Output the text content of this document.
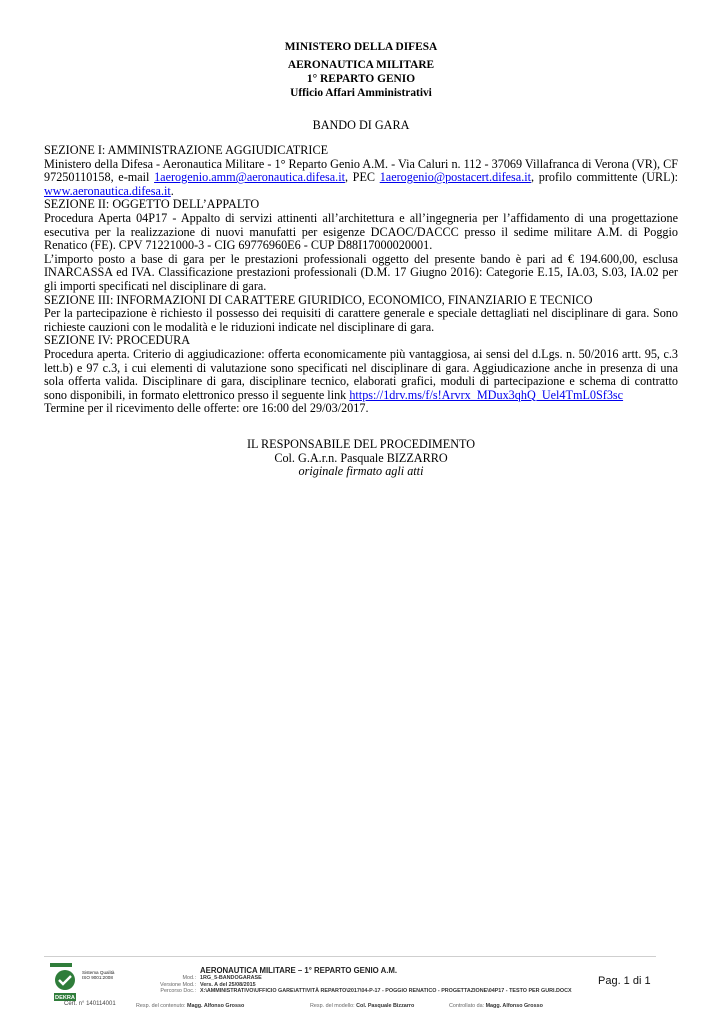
MINISTERO DELLA DIFESA
AERONAUTICA MILITARE
1° REPARTO GENIO
Ufficio Affari Amministrativi
BANDO DI GARA

SEZIONE I: AMMINISTRAZIONE AGGIUDICATRICE

Ministero della Difesa - Aeronautica Militare - 1° Reparto Genio A.M. - Via Caluri n. 112 - 37069 Villafranca di Verona (VR), CF 97250110158, e-mail 1aerogenio.amm@aeronautica.difesa.it, PEC 1aerogenio@postacert.difesa.it, profilo committente (URL): www.aeronautica.difesa.it.

SEZIONE II: OGGETTO DELL’APPALTO

Procedura Aperta 04P17 - Appalto di servizi attinenti all’architettura e all’ingegneria per l’affidamento di una progettazione esecutiva per la realizzazione di nuovi manufatti per esigenze DCAOC/DACCC presso il sedime militare A.M. di Poggio Renatico (FE). CPV 71221000-3 - CIG 69776960E6 - CUP D88I17000020001.

L’importo posto a base di gara per le prestazioni professionali oggetto del presente bando è pari ad € 194.600,00, esclusa INARCASSA ed IVA. Classificazione prestazioni professionali (D.M. 17 Giugno 2016): Categorie E.15, IA.03, S.03, IA.02 per gli importi specificati nel disciplinare di gara.

SEZIONE III: INFORMAZIONI DI CARATTERE GIURIDICO, ECONOMICO, FINANZIARIO E TECNICO

Per la partecipazione è richiesto il possesso dei requisiti di carattere generale e speciale dettagliati nel disciplinare di gara. Sono richieste cauzioni con le modalità e le riduzioni indicate nel disciplinare di gara.

SEZIONE IV: PROCEDURA

Procedura aperta. Criterio di aggiudicazione: offerta economicamente più vantaggiosa, ai sensi del d.Lgs. n. 50/2016 artt. 95, c.3 lett.b) e 97 c.3, i cui elementi di valutazione sono specificati nel disciplinare di gara. Aggiudicazione anche in presenza di una sola offerta valida. Disciplinare di gara, disciplinare tecnico, elaborati grafici, moduli di partecipazione e schema di contratto sono disponibili, in formato elettronico presso il seguente link https://1drv.ms/f/s!Arvrx_MDux3qhQ_Uel4TmL0Sf3sc

Termine per il ricevimento delle offerte: ore 16:00 del 29/03/2017.

IL RESPONSABILE DEL PROCEDIMENTO
Col. G.A.r.n. Pasquale BIZZARRO
originale firmato agli atti
DEKRA
Sistema Qualità
ISO 9001:2008
Cert. n° 140114001
AERONAUTICA MILITARE – 1° REPARTO GENIO A.M.
Mod.: 1RG_5-BANDOGARASE
Versione Mod.: Vers. A del 25/08/2015
Percorso Doc.: X:\AMMINISTRATIVO\UFFICIO GARE\ATTIVITÀ REPARTO\2017\04-P-17 - POGGIO RENATICO - PROGETTAZIONE\04P17 - TESTO PER GURI.DOCX
Resp. del contenuto: Magg. Alfonso Grosso	Resp. del modello: Col. Pasquale Bizzarro	Controllato da: Magg. Alfonso Grosso
Pag. 1 di 1
